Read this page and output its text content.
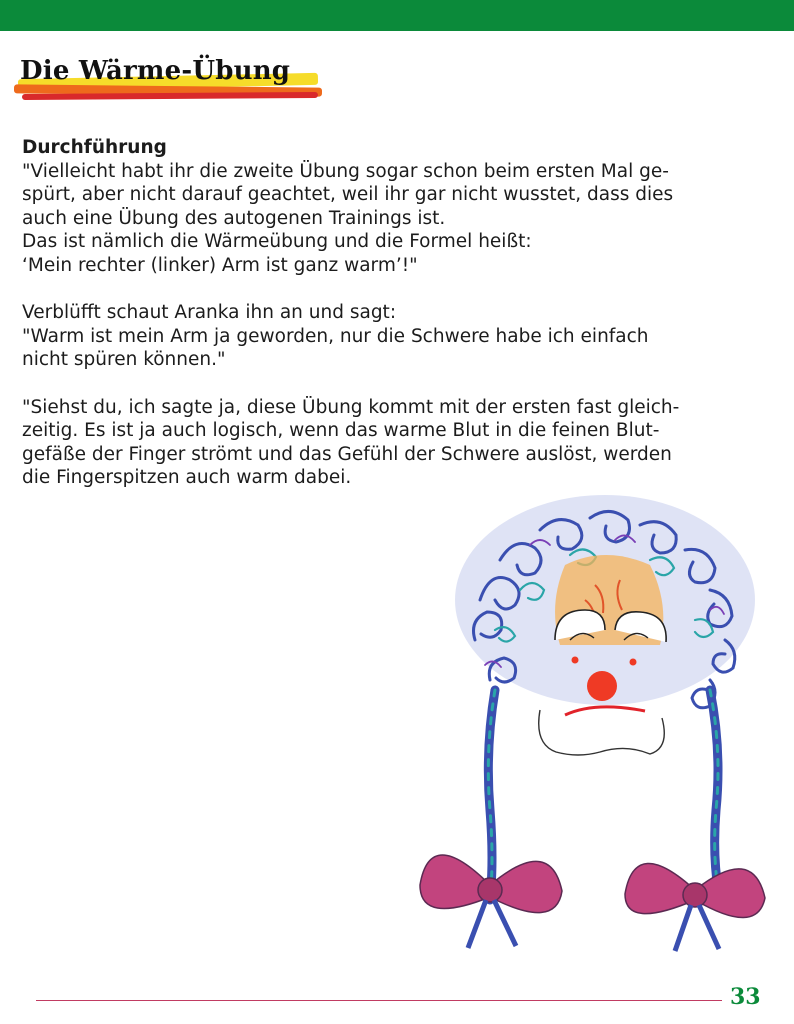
Die Wärme-Übung
Durchführung
"Vielleicht habt ihr die zweite Übung sogar schon beim ersten Mal ge-
spürt, aber nicht darauf geachtet, weil ihr gar nicht wusstet, dass dies
auch eine Übung des autogenen Trainings ist.
Das ist nämlich die Wärmeübung und die Formel heißt:
‘Mein rechter (linker) Arm ist ganz warm’!"
Verblüfft schaut Aranka ihn an und sagt:
"Warm ist mein Arm ja geworden, nur die Schwere habe ich einfach
nicht spüren können."
"Siehst du, ich sagte ja, diese Übung kommt mit der ersten fast gleich-
zeitig. Es ist ja auch logisch, wenn das warme Blut in die feinen Blut-
gefäße der Finger strömt und das Gefühl der Schwere auslöst, werden
die Fingerspitzen auch warm dabei.
33
